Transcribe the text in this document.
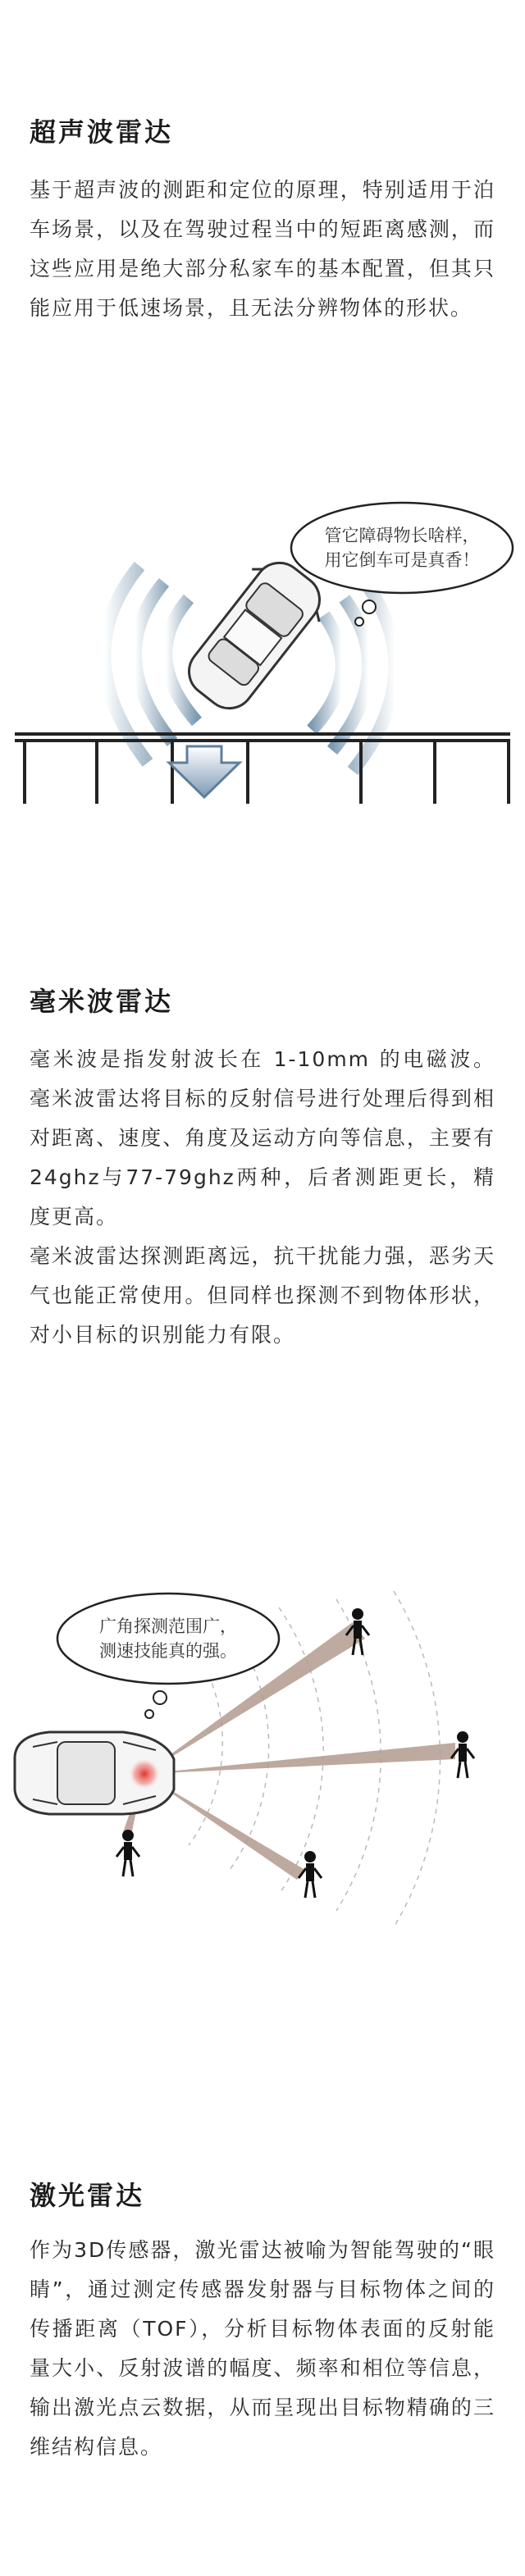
超声波雷达

基于超声波的测距和定位的原理，特别适用于泊车场景，以及在驾驶过程当中的短距离感测，而这些应用是绝大部分私家车的基本配置，但其只能应用于低速场景，且无法分辨物体的形状。

管它障碍物长啥样，
用它倒车可是真香！
毫米波雷达

毫米波是指发射波长在 1-10mm 的电磁波。毫米波雷达将目标的反射信号进行处理后得到相对距离、速度、角度及运动方向等信息，主要有24ghz与77-79ghz两种，后者测距更长，精度更高。

毫米波雷达探测距离远，抗干扰能力强，恶劣天气也能正常使用。但同样也探测不到物体形状，对小目标的识别能力有限。

广角探测范围广，
测速技能真的强。
激光雷达

作为3D传感器，激光雷达被喻为智能驾驶的“眼睛”，通过测定传感器发射器与目标物体之间的传播距离（TOF），分析目标物体表面的反射能量大小、反射波谱的幅度、频率和相位等信息，输出激光点云数据，从而呈现出目标物精确的三维结构信息。
